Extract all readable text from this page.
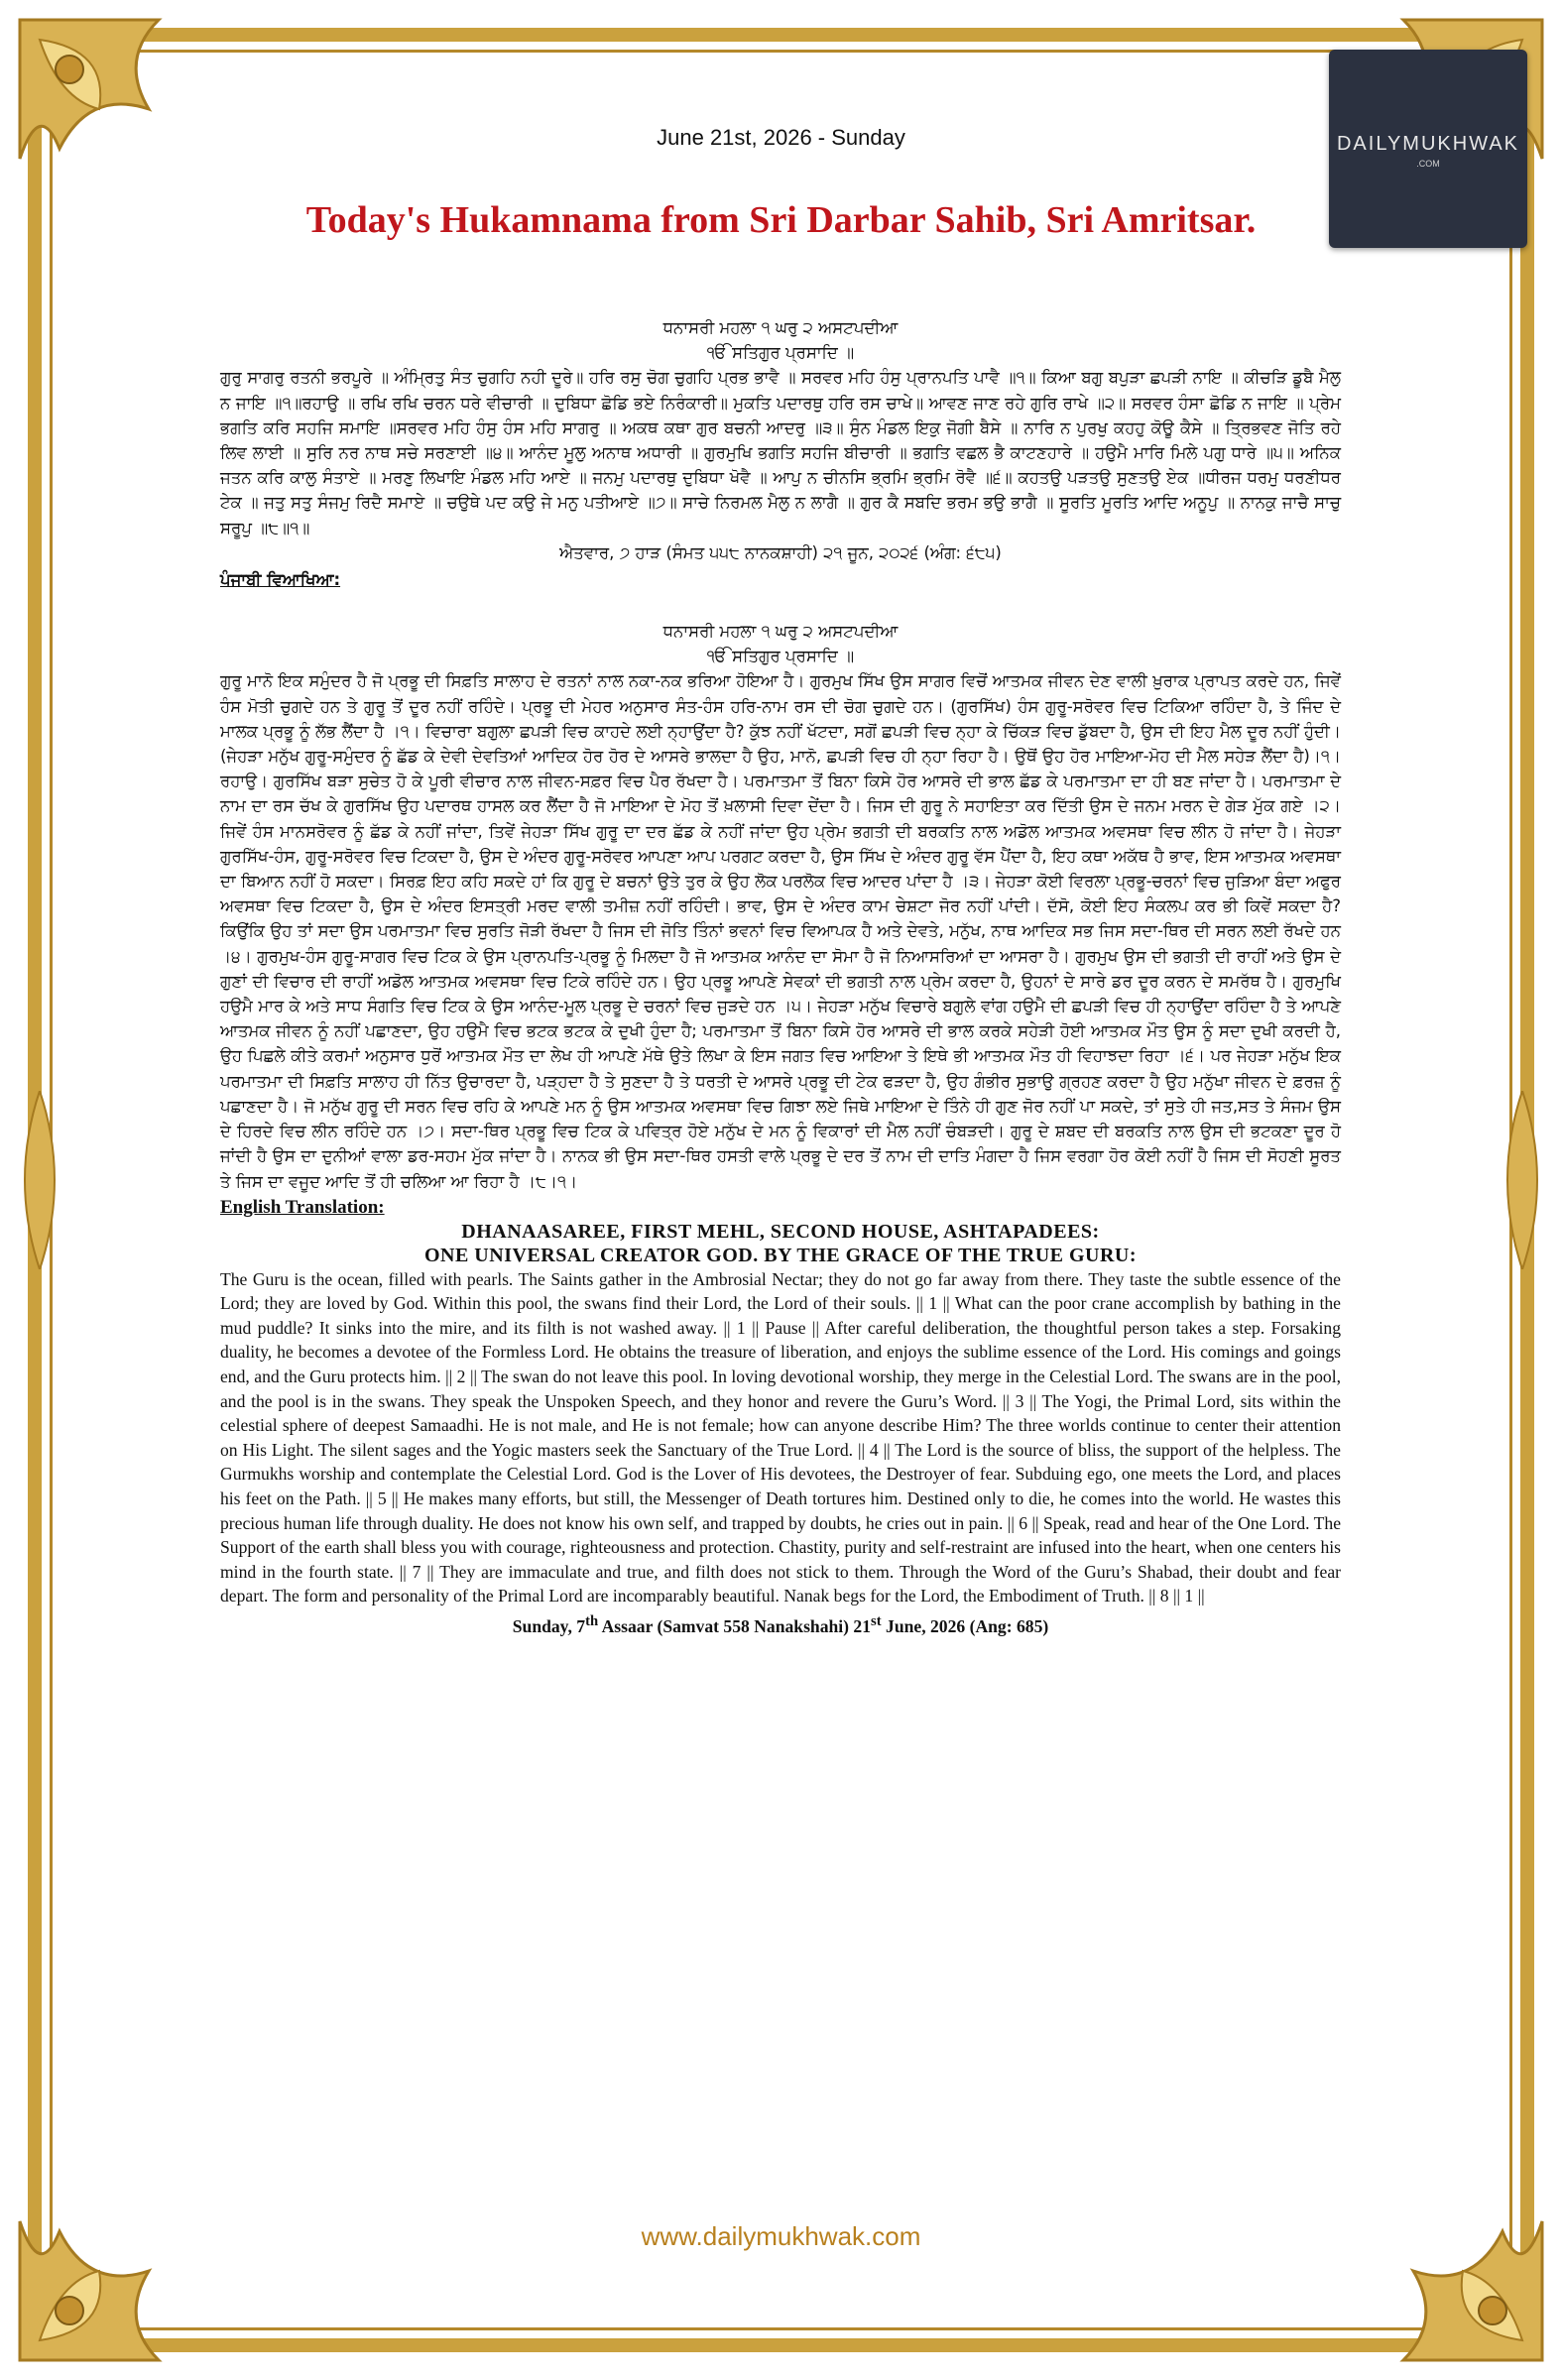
DAILYMUKHWAK
.COM
June 21st, 2026 - Sunday
Today's Hukamnama from Sri Darbar Sahib, Sri Amritsar.

ਧਨਾਸਰੀ ਮਹਲਾ ੧ ਘਰੁ ੨ ਅਸਟਪਦੀਆ

ੴ ਸਤਿਗੁਰ ਪ੍ਰਸਾਦਿ ॥

ਗੁਰੁ ਸਾਗਰੁ ਰਤਨੀ ਭਰਪੂਰੇ ॥ ਅੰਮ੍ਰਿਤੁ ਸੰਤ ਚੁਗਹਿ ਨਹੀ ਦੂਰੇ॥ ਹਰਿ ਰਸੁ ਚੋਗ ਚੁਗਹਿ ਪ੍ਰਭ ਭਾਵੈ ॥ ਸਰਵਰ ਮਹਿ ਹੰਸੁ ਪ੍ਰਾਨਪਤਿ ਪਾਵੈ ॥੧॥ ਕਿਆ ਬਗੁ ਬਪੁੜਾ ਛਪੜੀ ਨਾਇ ॥ ਕੀਚੜਿ ਡੂਬੈ ਮੈਲੁ ਨ ਜਾਇ ॥੧॥ਰਹਾਉ ॥ ਰਖਿ ਰਖਿ ਚਰਨ ਧਰੇ ਵੀਚਾਰੀ ॥ ਦੁਬਿਧਾ ਛੋਡਿ ਭਏ ਨਿਰੰਕਾਰੀ॥ ਮੁਕਤਿ ਪਦਾਰਥੁ ਹਰਿ ਰਸ ਚਾਖੇ॥ ਆਵਣ ਜਾਣ ਰਹੇ ਗੁਰਿ ਰਾਖੇ ॥੨॥ ਸਰਵਰ ਹੰਸਾ ਛੋਡਿ ਨ ਜਾਇ ॥ ਪ੍ਰੇਮ ਭਗਤਿ ਕਰਿ ਸਹਜਿ ਸਮਾਇ ॥ਸਰਵਰ ਮਹਿ ਹੰਸੁ ਹੰਸ ਮਹਿ ਸਾਗਰੁ ॥ ਅਕਥ ਕਥਾ ਗੁਰ ਬਚਨੀ ਆਦਰੁ ॥੩॥ ਸੁੰਨ ਮੰਡਲ ਇਕੁ ਜੋਗੀ ਬੈਸੇ ॥ ਨਾਰਿ ਨ ਪੁਰਖੁ ਕਹਹੁ ਕੋਊ ਕੈਸੇ ॥ ਤ੍ਰਿਭਵਣ ਜੋਤਿ ਰਹੇ ਲਿਵ ਲਾਈ ॥ ਸੁਰਿ ਨਰ ਨਾਥ ਸਚੇ ਸਰਣਾਈ ॥੪॥ ਆਨੰਦ ਮੂਲੁ ਅਨਾਥ ਅਧਾਰੀ ॥ ਗੁਰਮੁਖਿ ਭਗਤਿ ਸਹਜਿ ਬੀਚਾਰੀ ॥ ਭਗਤਿ ਵਛਲ ਭੈ ਕਾਟਣਹਾਰੇ ॥ ਹਉਮੈ ਮਾਰਿ ਮਿਲੇ ਪਗੁ ਧਾਰੇ ॥੫॥ ਅਨਿਕ ਜਤਨ ਕਰਿ ਕਾਲੁ ਸੰਤਾਏ ॥ ਮਰਣੁ ਲਿਖਾਇ ਮੰਡਲ ਮਹਿ ਆਏ ॥ ਜਨਮੁ ਪਦਾਰਥੁ ਦੁਬਿਧਾ ਖੋਵੈ ॥ ਆਪੁ ਨ ਚੀਨਸਿ ਭ੍ਰਮਿ ਭ੍ਰਮਿ ਰੋਵੈ ॥੬॥ ਕਹਤਉ ਪੜਤਉ ਸੁਣਤਉ ਏਕ ॥ਧੀਰਜ ਧਰਮੁ ਧਰਣੀਧਰ ਟੇਕ ॥ ਜਤੁ ਸਤੁ ਸੰਜਮੁ ਰਿਦੈ ਸਮਾਏ ॥ ਚਉਥੇ ਪਦ ਕਉ ਜੇ ਮਨੁ ਪਤੀਆਏ ॥੭॥ ਸਾਚੇ ਨਿਰਮਲ ਮੈਲੁ ਨ ਲਾਗੈ ॥ ਗੁਰ ਕੈ ਸਬਦਿ ਭਰਮ ਭਉ ਭਾਗੈ ॥ ਸੂਰਤਿ ਮੂਰਤਿ ਆਦਿ ਅਨੂਪੁ ॥ ਨਾਨਕੁ ਜਾਚੈ ਸਾਚੁ ਸਰੂਪੁ ॥੮॥੧॥

ਐਤਵਾਰ, ੭ ਹਾੜ (ਸੰਮਤ ੫੫੮ ਨਾਨਕਸ਼ਾਹੀ) ੨੧ ਜੂਨ, ੨੦੨੬ (ਅੰਗ: ੬੮੫)

ਪੰਜਾਬੀ ਵਿਆਖਿਆ:

ਧਨਾਸਰੀ ਮਹਲਾ ੧ ਘਰੁ ੨ ਅਸਟਪਦੀਆ

ੴ ਸਤਿਗੁਰ ਪ੍ਰਸਾਦਿ ॥

ਗੁਰੂ ਮਾਨੋ ਇਕ ਸਮੁੰਦਰ ਹੈ ਜੋ ਪ੍ਰਭੂ ਦੀ ਸਿਫ਼ਤਿ ਸਾਲਾਹ ਦੇ ਰਤਨਾਂ ਨਾਲ ਨਕਾ-ਨਕ ਭਰਿਆ ਹੋਇਆ ਹੈ। ਗੁਰਮੁਖ ਸਿੱਖ ਉਸ ਸਾਗਰ ਵਿਚੋਂ ਆਤਮਕ ਜੀਵਨ ਦੇਣ ਵਾਲੀ ਖ਼ੁਰਾਕ ਪ੍ਰਾਪਤ ਕਰਦੇ ਹਨ, ਜਿਵੇਂ ਹੰਸ ਮੋਤੀ ਚੁਗਦੇ ਹਨ ਤੇ ਗੁਰੂ ਤੋਂ ਦੂਰ ਨਹੀਂ ਰਹਿੰਦੇ। ਪ੍ਰਭੂ ਦੀ ਮੇਹਰ ਅਨੁਸਾਰ ਸੰਤ-ਹੰਸ ਹਰਿ-ਨਾਮ ਰਸ ਦੀ ਚੋਗ ਚੁਗਦੇ ਹਨ। (ਗੁਰਸਿੱਖ) ਹੰਸ ਗੁਰੂ-ਸਰੋਵਰ ਵਿਚ ਟਿਕਿਆ ਰਹਿੰਦਾ ਹੈ, ਤੇ ਜਿੰਦ ਦੇ ਮਾਲਕ ਪ੍ਰਭੂ ਨੂੰ ਲੱਭ ਲੈਂਦਾ ਹੈ ।੧। ਵਿਚਾਰਾ ਬਗੁਲਾ ਛਪੜੀ ਵਿਚ ਕਾਹਦੇ ਲਈ ਨ੍ਹਾਉਂਦਾ ਹੈ? ਕੁੱਝ ਨਹੀਂ ਖੱਟਦਾ, ਸਗੋਂ ਛਪੜੀ ਵਿਚ ਨ੍ਹਾ ਕੇ ਚਿੱਕੜ ਵਿਚ ਡੁੱਬਦਾ ਹੈ, ਉਸ ਦੀ ਇਹ ਮੈਲ ਦੂਰ ਨਹੀਂ ਹੁੰਦੀ। (ਜੇਹੜਾ ਮਨੁੱਖ ਗੁਰੂ-ਸਮੁੰਦਰ ਨੂੰ ਛੱਡ ਕੇ ਦੇਵੀ ਦੇਵਤਿਆਂ ਆਦਿਕ ਹੋਰ ਹੋਰ ਦੇ ਆਸਰੇ ਭਾਲਦਾ ਹੈ ਉਹ, ਮਾਨੋ, ਛਪੜੀ ਵਿਚ ਹੀ ਨ੍ਹਾ ਰਿਹਾ ਹੈ। ਉਥੋਂ ਉਹ ਹੋਰ ਮਾਇਆ-ਮੋਹ ਦੀ ਮੈਲ ਸਹੇੜ ਲੈਂਦਾ ਹੈ)।੧।ਰਹਾਉ। ਗੁਰਸਿੱਖ ਬੜਾ ਸੁਚੇਤ ਹੋ ਕੇ ਪੂਰੀ ਵੀਚਾਰ ਨਾਲ ਜੀਵਨ-ਸਫ਼ਰ ਵਿਚ ਪੈਰ ਰੱਖਦਾ ਹੈ। ਪਰਮਾਤਮਾ ਤੋਂ ਬਿਨਾ ਕਿਸੇ ਹੋਰ ਆਸਰੇ ਦੀ ਭਾਲ ਛੱਡ ਕੇ ਪਰਮਾਤਮਾ ਦਾ ਹੀ ਬਣ ਜਾਂਦਾ ਹੈ। ਪਰਮਾਤਮਾ ਦੇ ਨਾਮ ਦਾ ਰਸ ਚੱਖ ਕੇ ਗੁਰਸਿੱਖ ਉਹ ਪਦਾਰਥ ਹਾਸਲ ਕਰ ਲੈਂਦਾ ਹੈ ਜੋ ਮਾਇਆ ਦੇ ਮੋਹ ਤੋਂ ਖ਼ਲਾਸੀ ਦਿਵਾ ਦੇਂਦਾ ਹੈ। ਜਿਸ ਦੀ ਗੁਰੂ ਨੇ ਸਹਾਇਤਾ ਕਰ ਦਿੱਤੀ ਉਸ ਦੇ ਜਨਮ ਮਰਨ ਦੇ ਗੇੜ ਮੁੱਕ ਗਏ ।੨। ਜਿਵੇਂ ਹੰਸ ਮਾਨਸਰੋਵਰ ਨੂੰ ਛੱਡ ਕੇ ਨਹੀਂ ਜਾਂਦਾ, ਤਿਵੇਂ ਜੇਹੜਾ ਸਿੱਖ ਗੁਰੂ ਦਾ ਦਰ ਛੱਡ ਕੇ ਨਹੀਂ ਜਾਂਦਾ ਉਹ ਪ੍ਰੇਮ ਭਗਤੀ ਦੀ ਬਰਕਤਿ ਨਾਲ ਅਡੋਲ ਆਤਮਕ ਅਵਸਥਾ ਵਿਚ ਲੀਨ ਹੋ ਜਾਂਦਾ ਹੈ। ਜੇਹੜਾ ਗੁਰਸਿੱਖ-ਹੰਸ, ਗੁਰੂ-ਸਰੋਵਰ ਵਿਚ ਟਿਕਦਾ ਹੈ, ਉਸ ਦੇ ਅੰਦਰ ਗੁਰੂ-ਸਰੋਵਰ ਆਪਣਾ ਆਪ ਪਰਗਟ ਕਰਦਾ ਹੈ, ਉਸ ਸਿੱਖ ਦੇ ਅੰਦਰ ਗੁਰੂ ਵੱਸ ਪੈਂਦਾ ਹੈ, ਇਹ ਕਥਾ ਅਕੱਥ ਹੈ ਭਾਵ, ਇਸ ਆਤਮਕ ਅਵਸਥਾ ਦਾ ਬਿਆਨ ਨਹੀਂ ਹੋ ਸਕਦਾ। ਸਿਰਫ਼ ਇਹ ਕਹਿ ਸਕਦੇ ਹਾਂ ਕਿ ਗੁਰੂ ਦੇ ਬਚਨਾਂ ਉਤੇ ਤੁਰ ਕੇ ਉਹ ਲੋਕ ਪਰਲੋਕ ਵਿਚ ਆਦਰ ਪਾਂਦਾ ਹੈ ।੩। ਜੇਹੜਾ ਕੋਈ ਵਿਰਲਾ ਪ੍ਰਭੂ-ਚਰਨਾਂ ਵਿਚ ਜੁੜਿਆ ਬੰਦਾ ਅਫੁਰ ਅਵਸਥਾ ਵਿਚ ਟਿਕਦਾ ਹੈ, ਉਸ ਦੇ ਅੰਦਰ ਇਸਤ੍ਰੀ ਮਰਦ ਵਾਲੀ ਤਮੀਜ਼ ਨਹੀਂ ਰਹਿੰਦੀ। ਭਾਵ, ਉਸ ਦੇ ਅੰਦਰ ਕਾਮ ਚੇਸ਼ਟਾ ਜੋਰ ਨਹੀਂ ਪਾਂਦੀ। ਦੱਸੋ, ਕੋਈ ਇਹ ਸੰਕਲਪ ਕਰ ਭੀ ਕਿਵੇਂ ਸਕਦਾ ਹੈ? ਕਿਉਂਕਿ ਉਹ ਤਾਂ ਸਦਾ ਉਸ ਪਰਮਾਤਮਾ ਵਿਚ ਸੁਰਤਿ ਜੋੜੀ ਰੱਖਦਾ ਹੈ ਜਿਸ ਦੀ ਜੋਤਿ ਤਿੰਨਾਂ ਭਵਨਾਂ ਵਿਚ ਵਿਆਪਕ ਹੈ ਅਤੇ ਦੇਵਤੇ, ਮਨੁੱਖ, ਨਾਥ ਆਦਿਕ ਸਭ ਜਿਸ ਸਦਾ-ਥਿਰ ਦੀ ਸਰਨ ਲਈ ਰੱਖਦੇ ਹਨ ।੪। ਗੁਰਮੁਖ-ਹੰਸ ਗੁਰੂ-ਸਾਗਰ ਵਿਚ ਟਿਕ ਕੇ ਉਸ ਪ੍ਰਾਨਪਤਿ-ਪ੍ਰਭੂ ਨੂੰ ਮਿਲਦਾ ਹੈ ਜੋ ਆਤਮਕ ਆਨੰਦ ਦਾ ਸੋਮਾ ਹੈ ਜੋ ਨਿਆਸਰਿਆਂ ਦਾ ਆਸਰਾ ਹੈ। ਗੁਰਮੁਖ ਉਸ ਦੀ ਭਗਤੀ ਦੀ ਰਾਹੀਂ ਅਤੇ ਉਸ ਦੇ ਗੁਣਾਂ ਦੀ ਵਿਚਾਰ ਦੀ ਰਾਹੀਂ ਅਡੋਲ ਆਤਮਕ ਅਵਸਥਾ ਵਿਚ ਟਿਕੇ ਰਹਿੰਦੇ ਹਨ। ਉਹ ਪ੍ਰਭੂ ਆਪਣੇ ਸੇਵਕਾਂ ਦੀ ਭਗਤੀ ਨਾਲ ਪ੍ਰੇਮ ਕਰਦਾ ਹੈ, ਉਹਨਾਂ ਦੇ ਸਾਰੇ ਡਰ ਦੂਰ ਕਰਨ ਦੇ ਸਮਰੱਥ ਹੈ। ਗੁਰਮੁਖਿ ਹਉਮੈ ਮਾਰ ਕੇ ਅਤੇ ਸਾਧ ਸੰਗਤਿ ਵਿਚ ਟਿਕ ਕੇ ਉਸ ਆਨੰਦ-ਮੂਲ ਪ੍ਰਭੂ ਦੇ ਚਰਨਾਂ ਵਿਚ ਜੁੜਦੇ ਹਨ ।੫। ਜੇਹੜਾ ਮਨੁੱਖ ਵਿਚਾਰੇ ਬਗੁਲੇ ਵਾਂਗ ਹਉਮੈ ਦੀ ਛਪੜੀ ਵਿਚ ਹੀ ਨ੍ਹਾਉਂਦਾ ਰਹਿੰਦਾ ਹੈ ਤੇ ਆਪਣੇ ਆਤਮਕ ਜੀਵਨ ਨੂੰ ਨਹੀਂ ਪਛਾਣਦਾ, ਉਹ ਹਉਮੈ ਵਿਚ ਭਟਕ ਭਟਕ ਕੇ ਦੁਖੀ ਹੁੰਦਾ ਹੈ; ਪਰਮਾਤਮਾ ਤੋਂ ਬਿਨਾ ਕਿਸੇ ਹੋਰ ਆਸਰੇ ਦੀ ਭਾਲ ਕਰਕੇ ਸਹੇੜੀ ਹੋਈ ਆਤਮਕ ਮੌਤ ਉਸ ਨੂੰ ਸਦਾ ਦੁਖੀ ਕਰਦੀ ਹੈ, ਉਹ ਪਿਛਲੇ ਕੀਤੇ ਕਰਮਾਂ ਅਨੁਸਾਰ ਧੁਰੋਂ ਆਤਮਕ ਮੌਤ ਦਾ ਲੇਖ ਹੀ ਆਪਣੇ ਮੱਥੇ ਉਤੇ ਲਿਖਾ ਕੇ ਇਸ ਜਗਤ ਵਿਚ ਆਇਆ ਤੇ ਇਥੇ ਭੀ ਆਤਮਕ ਮੌਤ ਹੀ ਵਿਹਾਝਦਾ ਰਿਹਾ ।੬। ਪਰ ਜੇਹੜਾ ਮਨੁੱਖ ਇਕ ਪਰਮਾਤਮਾ ਦੀ ਸਿਫ਼ਤਿ ਸਾਲਾਹ ਹੀ ਨਿੱਤ ਉਚਾਰਦਾ ਹੈ, ਪੜ੍ਹਦਾ ਹੈ ਤੇ ਸੁਣਦਾ ਹੈ ਤੇ ਧਰਤੀ ਦੇ ਆਸਰੇ ਪ੍ਰਭੂ ਦੀ ਟੇਕ ਫੜਦਾ ਹੈ, ਉਹ ਗੰਭੀਰ ਸੁਭਾਉ ਗ੍ਰਹਣ ਕਰਦਾ ਹੈ ਉਹ ਮਨੁੱਖਾ ਜੀਵਨ ਦੇ ਫ਼ਰਜ਼ ਨੂੰ ਪਛਾਣਦਾ ਹੈ। ਜੋ ਮਨੁੱਖ ਗੁਰੂ ਦੀ ਸਰਨ ਵਿਚ ਰਹਿ ਕੇ ਆਪਣੇ ਮਨ ਨੂੰ ਉਸ ਆਤਮਕ ਅਵਸਥਾ ਵਿਚ ਗਿਝਾ ਲਏ ਜਿਥੇ ਮਾਇਆ ਦੇ ਤਿੰਨੇ ਹੀ ਗੁਣ ਜੋਰ ਨਹੀਂ ਪਾ ਸਕਦੇ, ਤਾਂ ਸੁਤੇ ਹੀ ਜਤ,ਸਤ ਤੇ ਸੰਜਮ ਉਸ ਦੇ ਹਿਰਦੇ ਵਿਚ ਲੀਨ ਰਹਿੰਦੇ ਹਨ ।੭। ਸਦਾ-ਥਿਰ ਪ੍ਰਭੂ ਵਿਚ ਟਿਕ ਕੇ ਪਵਿਤ੍ਰ ਹੋਏ ਮਨੁੱਖ ਦੇ ਮਨ ਨੂੰ ਵਿਕਾਰਾਂ ਦੀ ਮੈਲ ਨਹੀਂ ਚੰਬੜਦੀ। ਗੁਰੂ ਦੇ ਸ਼ਬਦ ਦੀ ਬਰਕਤਿ ਨਾਲ ਉਸ ਦੀ ਭਟਕਣਾ ਦੂਰ ਹੋ ਜਾਂਦੀ ਹੈ ਉਸ ਦਾ ਦੁਨੀਆਂ ਵਾਲਾ ਡਰ-ਸਹਮ ਮੁੱਕ ਜਾਂਦਾ ਹੈ। ਨਾਨਕ ਭੀ ਉਸ ਸਦਾ-ਥਿਰ ਹਸਤੀ ਵਾਲੇ ਪ੍ਰਭੂ ਦੇ ਦਰ ਤੋਂ ਨਾਮ ਦੀ ਦਾਤਿ ਮੰਗਦਾ ਹੈ ਜਿਸ ਵਰਗਾ ਹੋਰ ਕੋਈ ਨਹੀਂ ਹੈ ਜਿਸ ਦੀ ਸੋਹਣੀ ਸੂਰਤ ਤੇ ਜਿਸ ਦਾ ਵਜੂਦ ਆਦਿ ਤੋਂ ਹੀ ਚਲਿਆ ਆ ਰਿਹਾ ਹੈ ।੮।੧।

English Translation:
DHANAASAREE, FIRST MEHL, SECOND HOUSE, ASHTAPADEES:
ONE UNIVERSAL CREATOR GOD. BY THE GRACE OF THE TRUE GURU:

The Guru is the ocean, filled with pearls. The Saints gather in the Ambrosial Nectar; they do not go far away from there. They taste the subtle essence of the Lord; they are loved by God. Within this pool, the swans find their Lord, the Lord of their souls. || 1 || What can the poor crane accomplish by bathing in the mud puddle? It sinks into the mire, and its filth is not washed away. || 1 || Pause || After careful deliberation, the thoughtful person takes a step. Forsaking duality, he becomes a devotee of the Formless Lord. He obtains the treasure of liberation, and enjoys the sublime essence of the Lord. His comings and goings end, and the Guru protects him. || 2 || The swan do not leave this pool. In loving devotional worship, they merge in the Celestial Lord. The swans are in the pool, and the pool is in the swans. They speak the Unspoken Speech, and they honor and revere the Guru’s Word. || 3 || The Yogi, the Primal Lord, sits within the celestial sphere of deepest Samaadhi. He is not male, and He is not female; how can anyone describe Him? The three worlds continue to center their attention on His Light. The silent sages and the Yogic masters seek the Sanctuary of the True Lord. || 4 || The Lord is the source of bliss, the support of the helpless. The Gurmukhs worship and contemplate the Celestial Lord. God is the Lover of His devotees, the Destroyer of fear. Subduing ego, one meets the Lord, and places his feet on the Path. || 5 || He makes many efforts, but still, the Messenger of Death tortures him. Destined only to die, he comes into the world. He wastes this precious human life through duality. He does not know his own self, and trapped by doubts, he cries out in pain. || 6 || Speak, read and hear of the One Lord. The Support of the earth shall bless you with courage, righteousness and protection. Chastity, purity and self-restraint are infused into the heart, when one centers his mind in the fourth state. || 7 || They are immaculate and true, and filth does not stick to them. Through the Word of the Guru’s Shabad, their doubt and fear depart. The form and personality of the Primal Lord are incomparably beautiful. Nanak begs for the Lord, the Embodiment of Truth. || 8 || 1 ||

Sunday, 7th Assaar (Samvat 558 Nanakshahi) 21st June, 2026 (Ang: 685)
www.dailymukhwak.com
